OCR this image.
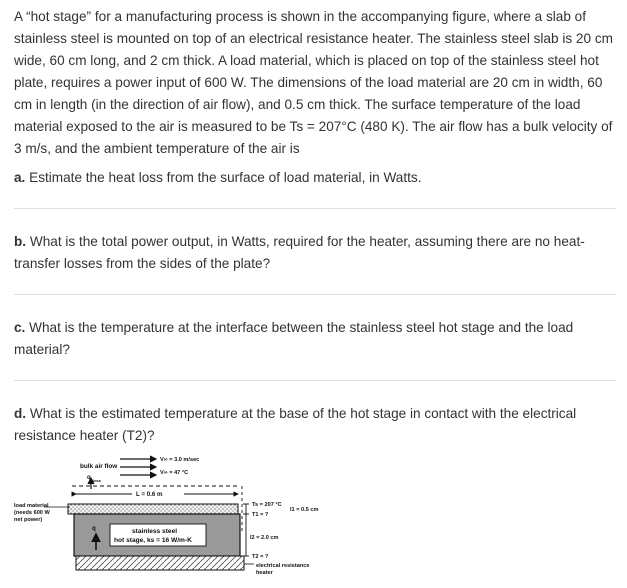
A “hot stage” for a manufacturing process is shown in the accompanying figure, where a slab of stainless steel is mounted on top of an electrical resistance heater. The stainless steel slab is 20 cm wide, 60 cm long, and 2 cm thick. A load material, which is placed on top of the stainless steel hot plate, requires a power input of 600 W. The dimensions of the load material are 20 cm in width, 60 cm in length (in the direction of air flow), and 0.5 cm thick. The surface temperature of the load material exposed to the air is measured to be Ts = 207°C (480 K). The air flow has a bulk velocity of 3 m/s, and the ambient temperature of the air is

a. Estimate the heat loss from the surface of load material, in Watts.

b. What is the total power output, in Watts, required for the heater, assuming there are no heat-transfer losses from the sides of the plate?

c. What is the temperature at the interface between the stainless steel hot stage and the load material?

d. What is the estimated temperature at the base of the hot stage in contact with the electrical resistance heater (T2)?

bulk air flow
V∞ = 3.0 m/sec
V∞ = 47 °C
q loss
L = 0.6 m
stainless steel
hot stage, ks = 16 W/m-K
q
load material
(needs 600 W
net power)
Ts = 207 °C
T1 = ?
l1 = 0.5 cm
l2 = 2.0 cm
T2 = ?
electrical resistance
heater
